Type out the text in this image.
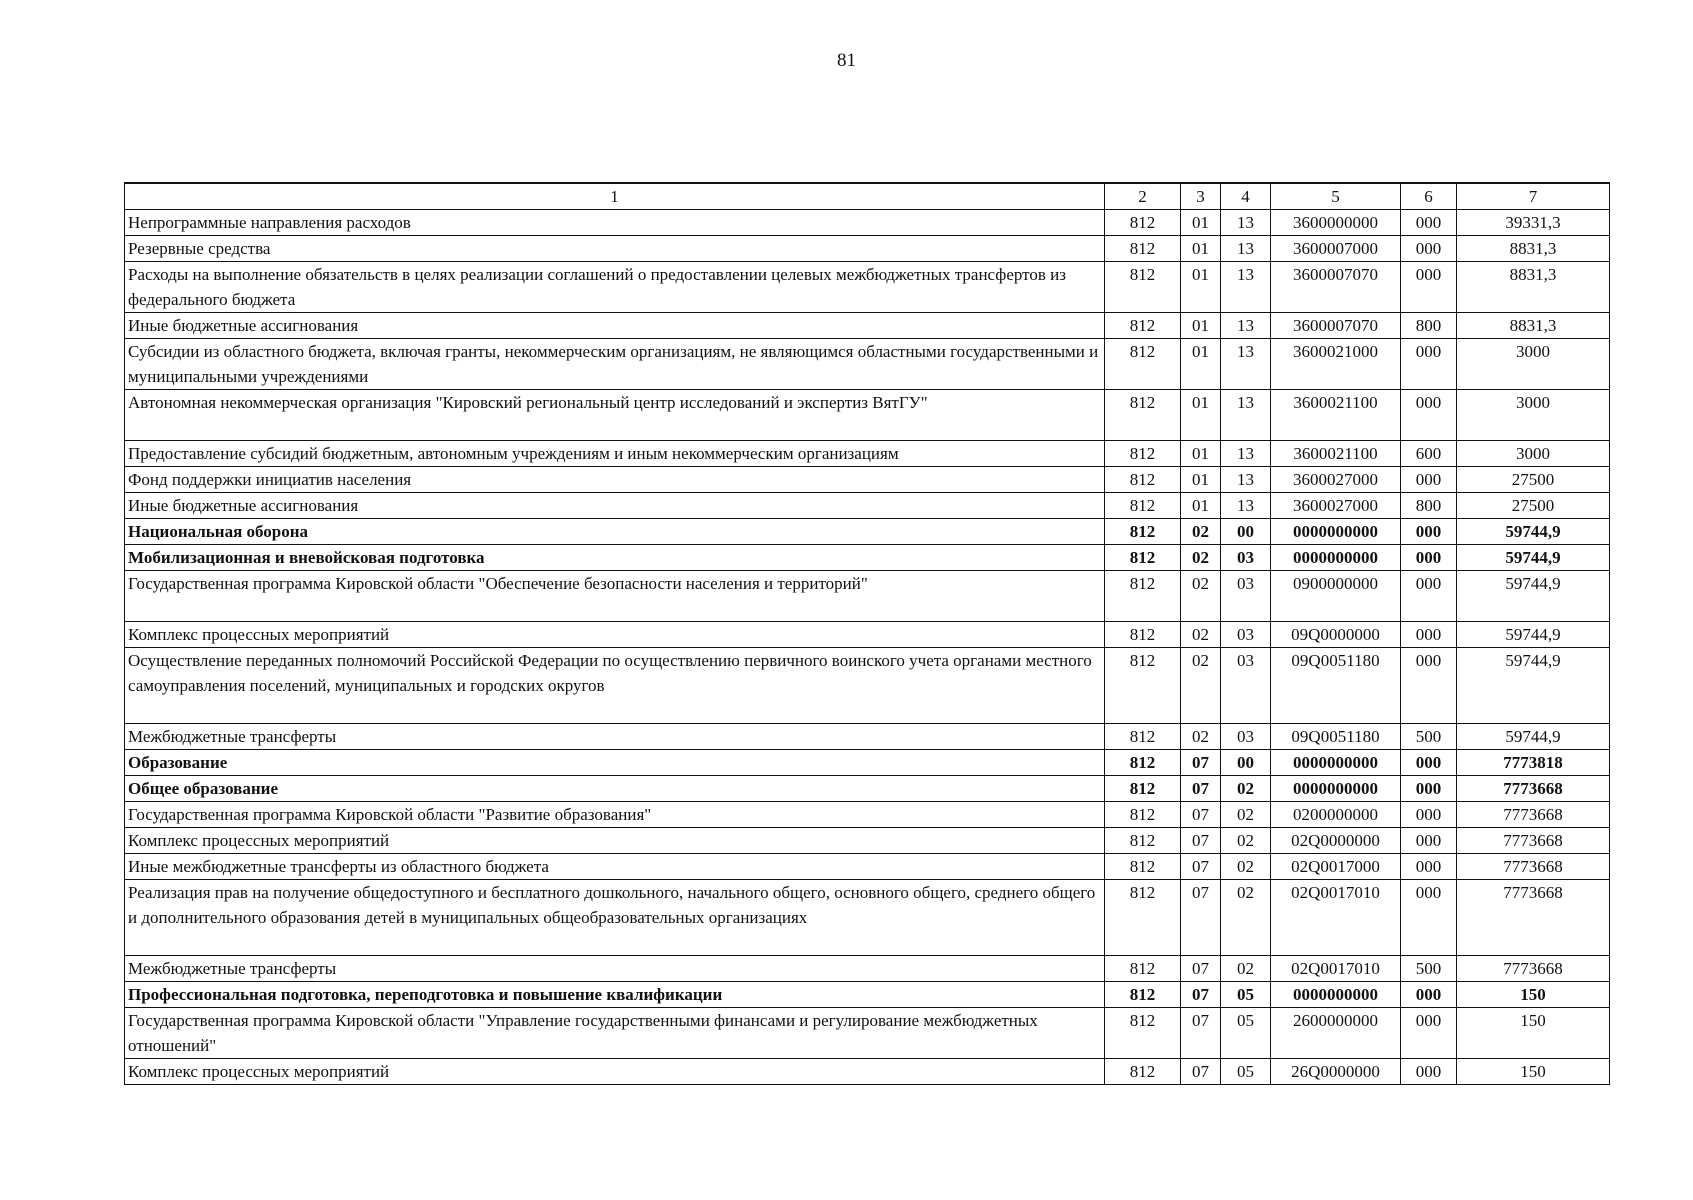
81
1	2	3	4	5	6	7
Непрограммные направления расходов	812	01	13	3600000000	000	39331,3
Резервные средства	812	01	13	3600007000	000	8831,3
Расходы на выполнение обязательств в целях реализации соглашений о предоставлении целевых межбюджетных трансфертов из федерального бюджета	812	01	13	3600007070	000	8831,3
Иные бюджетные ассигнования	812	01	13	3600007070	800	8831,3
Субсидии из областного бюджета, включая гранты, некоммерческим организациям, не являющимся областными государственными и муниципальными учреждениями	812	01	13	3600021000	000	3000
Автономная некоммерческая организация "Кировский региональный центр исследований и экспертиз ВятГУ"	812	01	13	3600021100	000	3000
Предоставление субсидий бюджетным, автономным учреждениям и иным некоммерческим организациям	812	01	13	3600021100	600	3000
Фонд поддержки инициатив населения	812	01	13	3600027000	000	27500
Иные бюджетные ассигнования	812	01	13	3600027000	800	27500
Национальная оборона	812	02	00	0000000000	000	59744,9
Мобилизационная и вневойсковая подготовка	812	02	03	0000000000	000	59744,9
Государственная программа Кировской области "Обеспечение безопасности населения и территорий"	812	02	03	0900000000	000	59744,9
Комплекс процессных мероприятий	812	02	03	09Q0000000	000	59744,9
Осуществление переданных полномочий Российской Федерации по осуществлению первичного воинского учета органами местного самоуправления поселений, муниципальных и городских округов	812	02	03	09Q0051180	000	59744,9
Межбюджетные трансферты	812	02	03	09Q0051180	500	59744,9
Образование	812	07	00	0000000000	000	7773818
Общее образование	812	07	02	0000000000	000	7773668
Государственная программа Кировской области "Развитие образования"	812	07	02	0200000000	000	7773668
Комплекс процессных мероприятий	812	07	02	02Q0000000	000	7773668
Иные межбюджетные трансферты из областного бюджета	812	07	02	02Q0017000	000	7773668
Реализация прав на получение общедоступного и бесплатного дошкольного, начального общего, основного общего, среднего общего и дополнительного образования детей в муниципальных общеобразовательных организациях	812	07	02	02Q0017010	000	7773668
Межбюджетные трансферты	812	07	02	02Q0017010	500	7773668
Профессиональная подготовка, переподготовка и повышение квалификации	812	07	05	0000000000	000	150
Государственная программа Кировской области "Управление государственными финансами и регулирование межбюджетных отношений"	812	07	05	2600000000	000	150
Комплекс процессных мероприятий	812	07	05	26Q0000000	000	150
